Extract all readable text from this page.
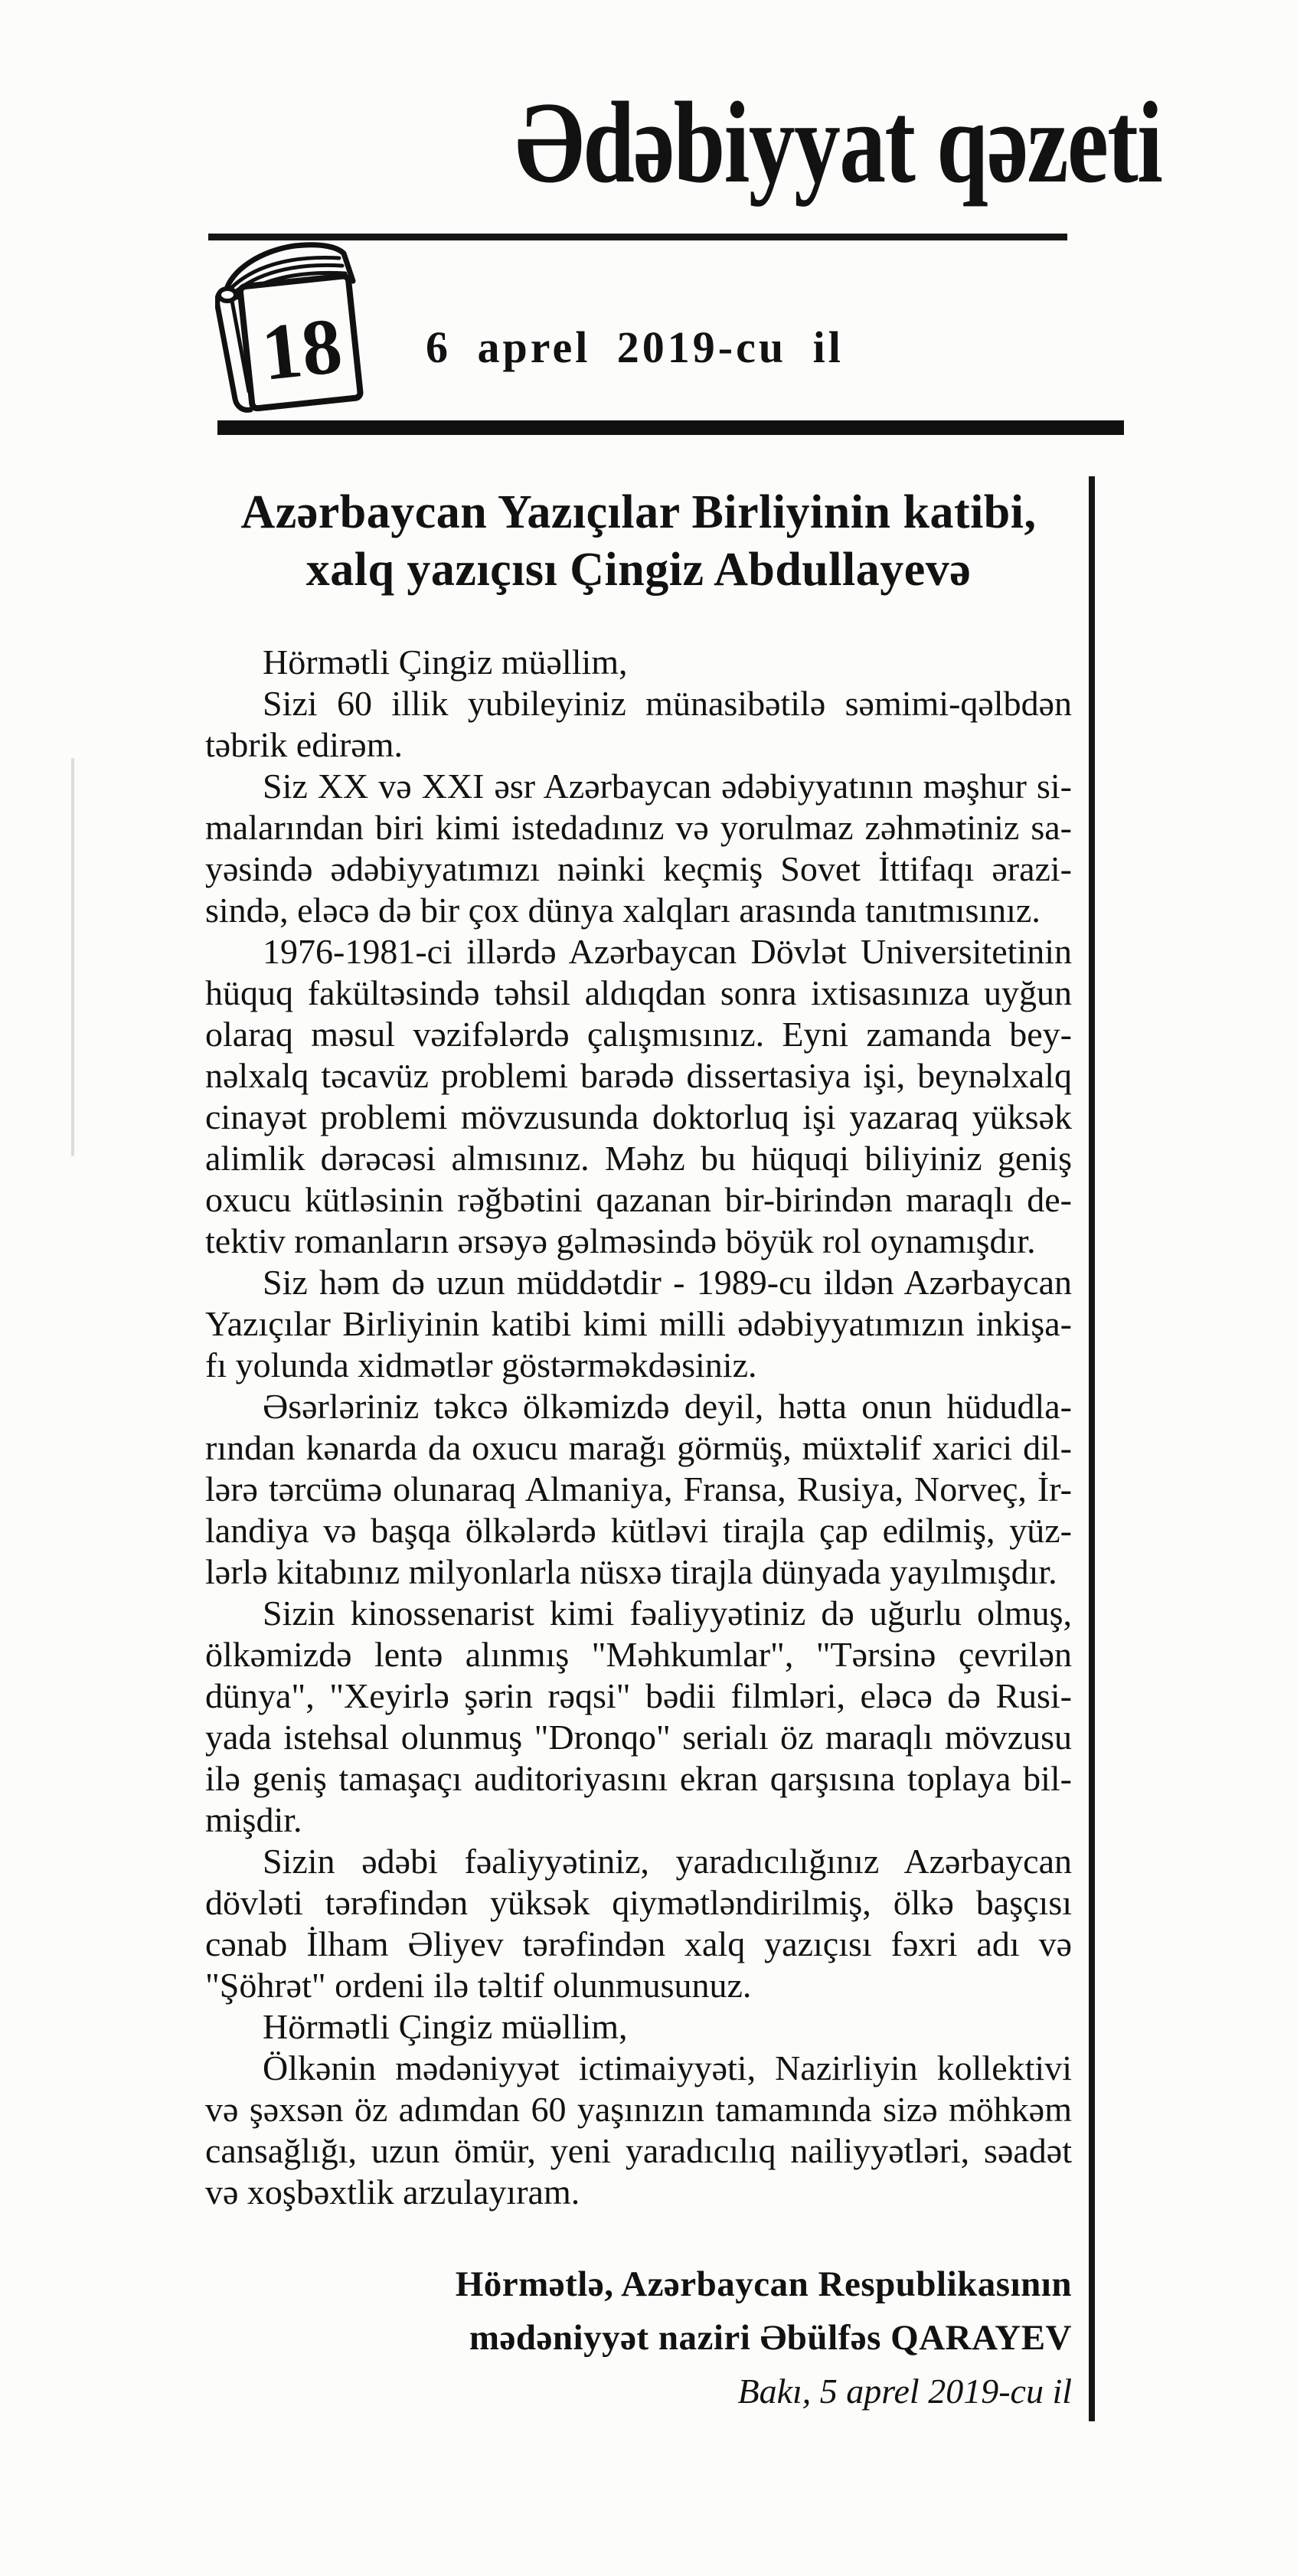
Ədəbiyyat qəzeti
18 6 aprel 2019-cu il
Azərbaycan Yazıçılar Birliyinin katibi,
xalq yazıçısı Çingiz Abdullayevə
Hörmətli Çingiz müəllim,
Sizi 60 illik yubileyiniz münasibətilə səmimi-qəlbdən
təbrik edirəm.
Siz XX və XXI əsr Azərbaycan ədəbiyyatının məşhur si-
malarından biri kimi istedadınız və yorulmaz zəhmətiniz sa-
yəsində ədəbiyyatımızı nəinki keçmiş Sovet İttifaqı ərazi-
sində, eləcə də bir çox dünya xalqları arasında tanıtmısınız.
1976-1981-ci illərdə Azərbaycan Dövlət Universitetinin
hüquq fakültəsində təhsil aldıqdan sonra ixtisasınıza uyğun
olaraq məsul vəzifələrdə çalışmısınız. Eyni zamanda bey-
nəlxalq təcavüz problemi barədə dissertasiya işi, beynəlxalq
cinayət problemi mövzusunda doktorluq işi yazaraq yüksək
alimlik dərəcəsi almısınız. Məhz bu hüquqi biliyiniz geniş
oxucu kütləsinin rəğbətini qazanan bir-birindən maraqlı de-
tektiv romanların ərsəyə gəlməsində böyük rol oynamışdır.
Siz həm də uzun müddətdir - 1989-cu ildən Azərbaycan
Yazıçılar Birliyinin katibi kimi milli ədəbiyyatımızın inkişa-
fı yolunda xidmətlər göstərməkdəsiniz.
Əsərləriniz təkcə ölkəmizdə deyil, hətta onun hüdudla-
rından kənarda da oxucu marağı görmüş, müxtəlif xarici dil-
lərə tərcümə olunaraq Almaniya, Fransa, Rusiya, Norveç, İr-
landiya və başqa ölkələrdə kütləvi tirajla çap edilmiş, yüz-
lərlə kitabınız milyonlarla nüsxə tirajla dünyada yayılmışdır.
Sizin kinossenarist kimi fəaliyyətiniz də uğurlu olmuş,
ölkəmizdə lentə alınmış "Məhkumlar", "Tərsinə çevrilən
dünya", "Xeyirlə şərin rəqsi" bədii filmləri, eləcə də Rusi-
yada istehsal olunmuş "Dronqo" serialı öz maraqlı mövzusu
ilə geniş tamaşaçı auditoriyasını ekran qarşısına toplaya bil-
mişdir.
Sizin ədəbi fəaliyyətiniz, yaradıcılığınız Azərbaycan
dövləti tərəfindən yüksək qiymətləndirilmiş, ölkə başçısı
cənab İlham Əliyev tərəfindən xalq yazıçısı fəxri adı və
"Şöhrət" ordeni ilə təltif olunmusunuz.
Hörmətli Çingiz müəllim,
Ölkənin mədəniyyət ictimaiyyəti, Nazirliyin kollektivi
və şəxsən öz adımdan 60 yaşınızın tamamında sizə möhkəm
cansağlığı, uzun ömür, yeni yaradıcılıq nailiyyətləri, səadət
və xoşbəxtlik arzulayıram.
Hörmətlə, Azərbaycan Respublikasının
mədəniyyət naziri Əbülfəs QARAYEV
Bakı, 5 aprel 2019-cu il
